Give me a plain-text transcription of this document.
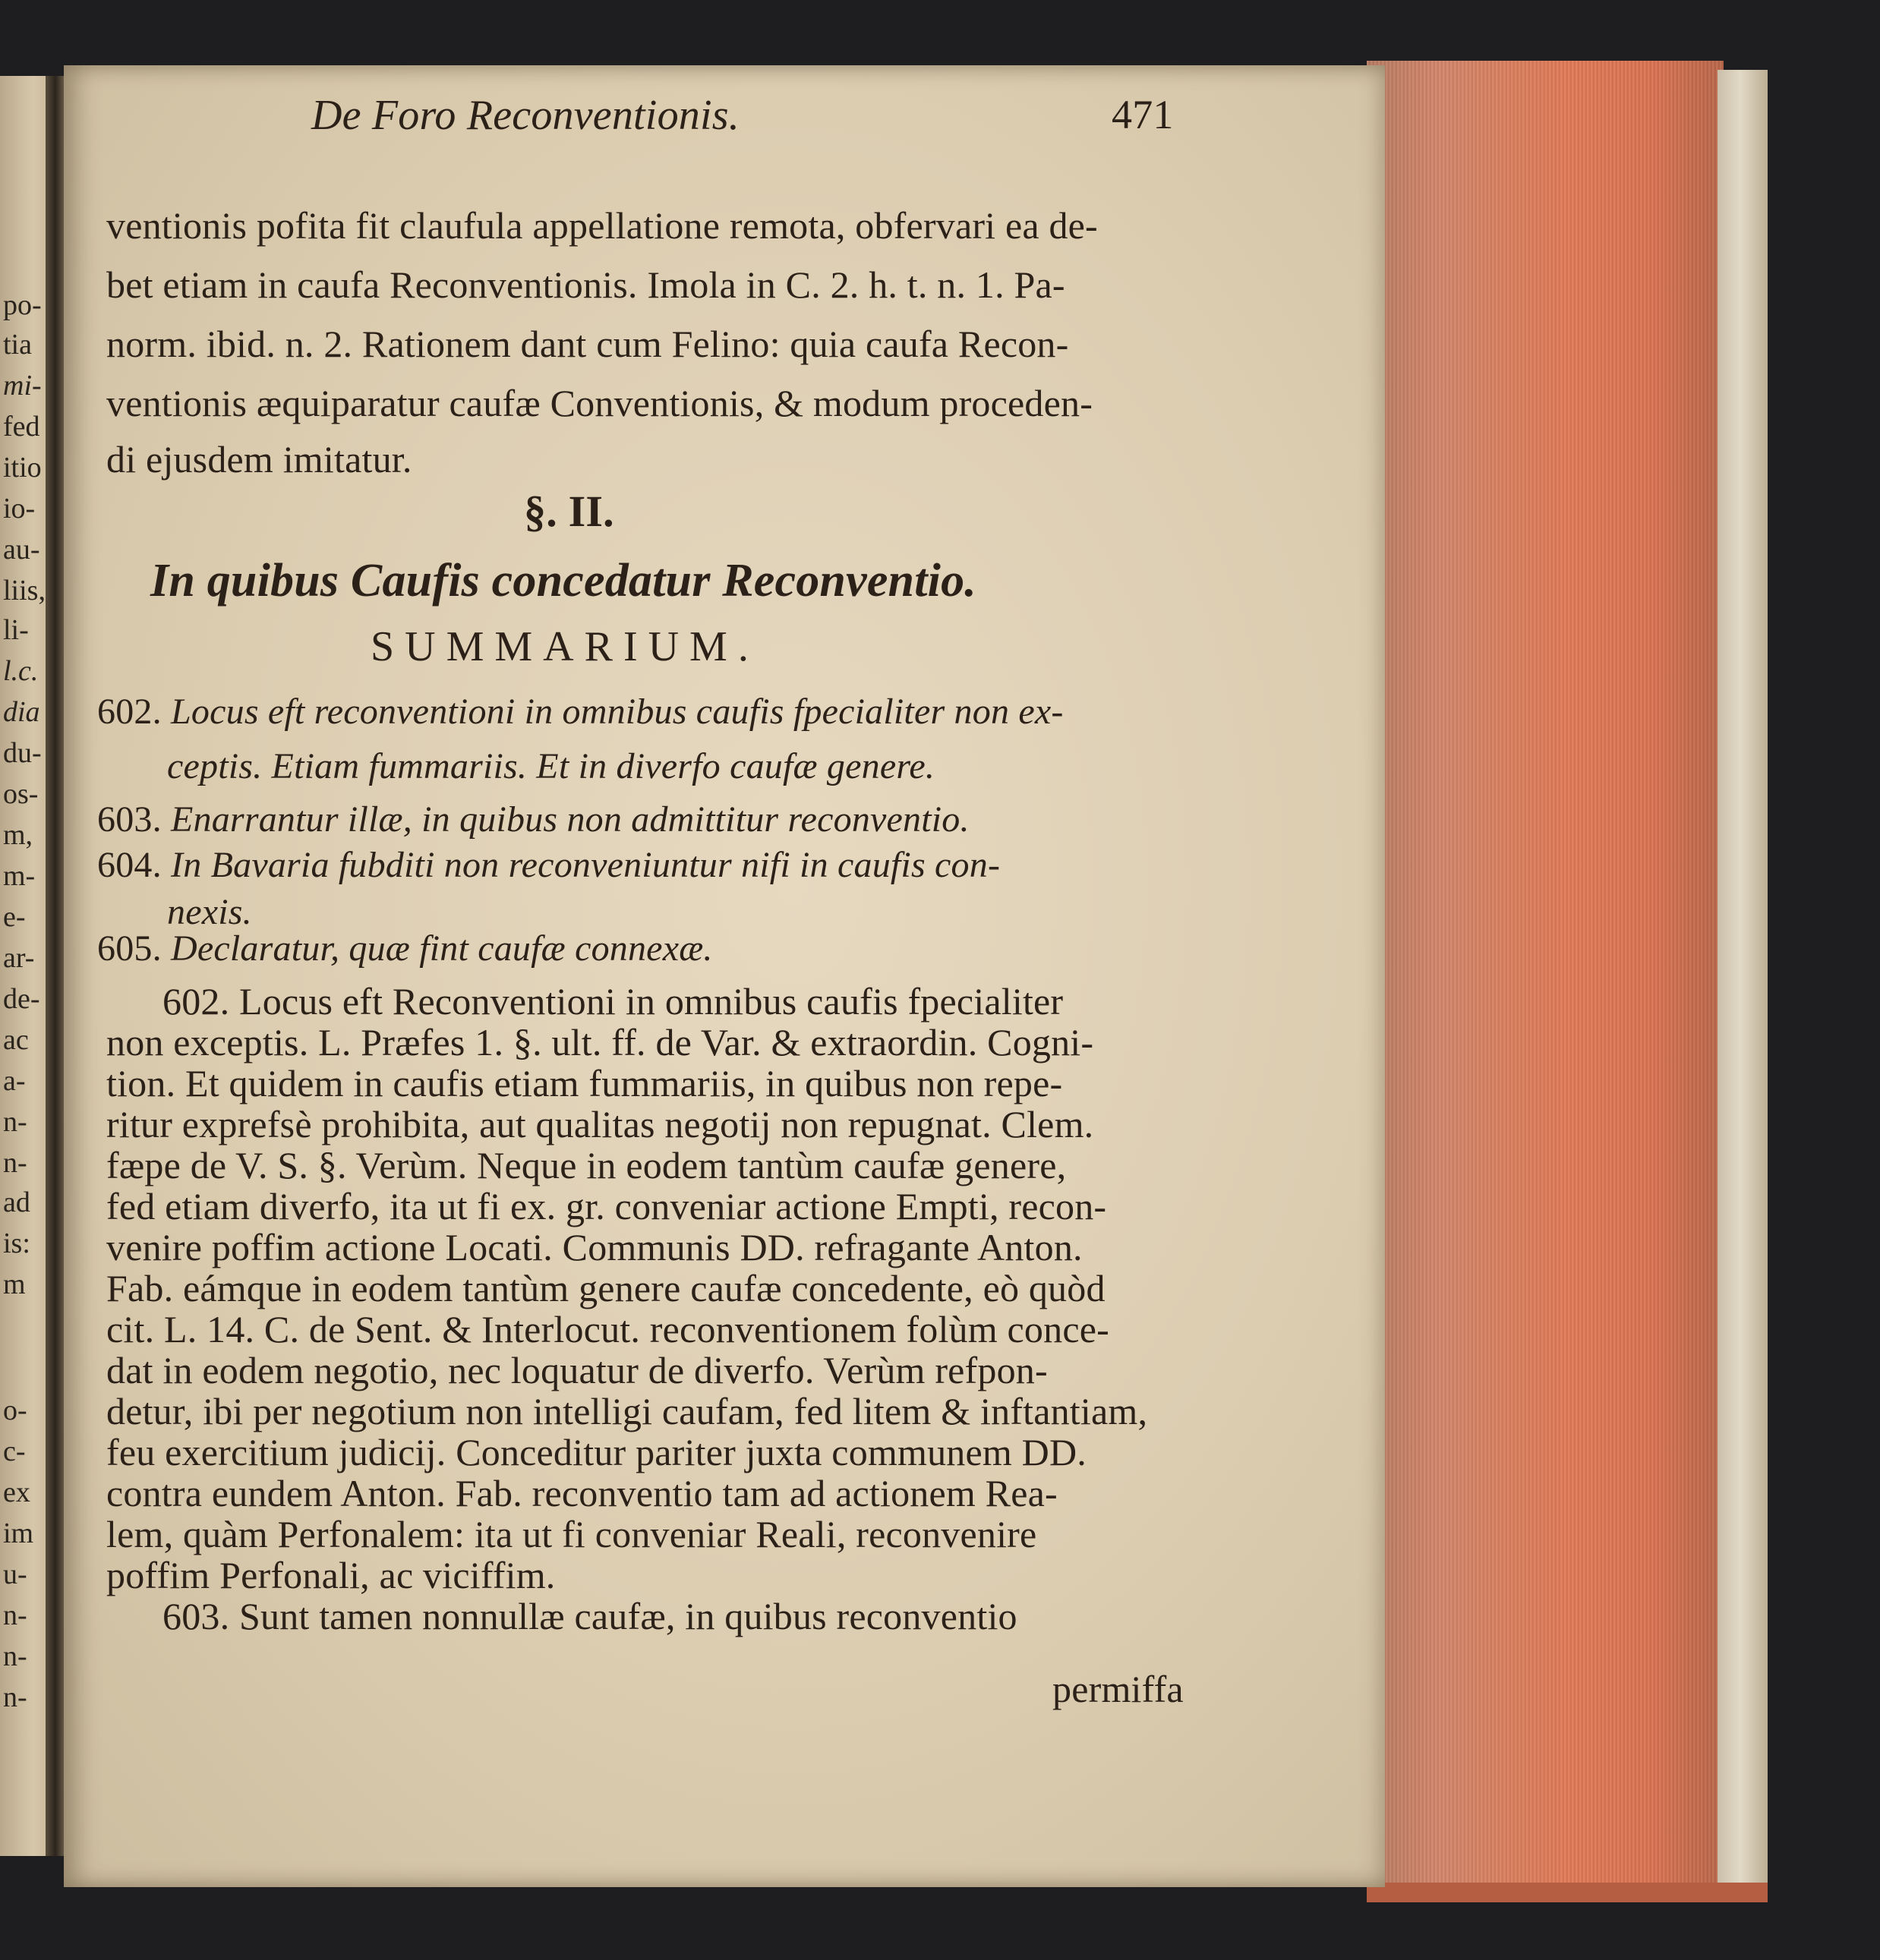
po-
tia
mi-
fed
itio
io-
au-
liis,
li-
l.c.
dia
du-
os-
m,
m-
e-
ar-
de-
ac
a-
n-
n-
ad
is:
m
o-
c-
ex
im
u-
n-
n-
n-
De Foro Reconventionis.	471
ventionis pofita fit claufula appellatione remota, obfervari ea de-
bet etiam in caufa Reconventionis. Imola in C. 2. h. t. n. 1. Pa-
norm. ibid. n. 2. Rationem dant cum Felino: quia caufa Recon-
ventionis æquiparatur caufæ Conventionis, & modum proceden-
di ejusdem imitatur.
§. II.
In quibus Caufis concedatur Reconventio.
SUMMARIUM.
602. Locus eft reconventioni in omnibus caufis fpecialiter non ex-
ceptis. Etiam fummariis. Et in diverfo caufæ genere.
603. Enarrantur illæ, in quibus non admittitur reconventio.
604. In Bavaria fubditi non reconveniuntur nifi in caufis con-
nexis.
605. Declaratur, quæ fint caufæ connexæ.
602. Locus eft Reconventioni in omnibus caufis fpecialiter
non exceptis. L. Præfes 1. §. ult. ff. de Var. & extraordin. Cogni-
tion. Et quidem in caufis etiam fummariis, in quibus non repe-
ritur exprefsè prohibita, aut qualitas negotij non repugnat. Clem.
fæpe de V. S. §. Verùm. Neque in eodem tantùm caufæ genere,
fed etiam diverfo, ita ut fi ex. gr. conveniar actione Empti, recon-
venire poffim actione Locati. Communis DD. refragante Anton.
Fab. eámque in eodem tantùm genere caufæ concedente, eò quòd
cit. L. 14. C. de Sent. & Interlocut. reconventionem folùm conce-
dat in eodem negotio, nec loquatur de diverfo. Verùm refpon-
detur, ibi per negotium non intelligi caufam, fed litem & inftantiam,
feu exercitium judicij. Conceditur pariter juxta communem DD.
contra eundem Anton. Fab. reconventio tam ad actionem Rea-
lem, quàm Perfonalem: ita ut fi conveniar Reali, reconvenire
poffim Perfonali, ac viciffim.
603. Sunt tamen nonnullæ caufæ, in quibus reconventio
permiffa
